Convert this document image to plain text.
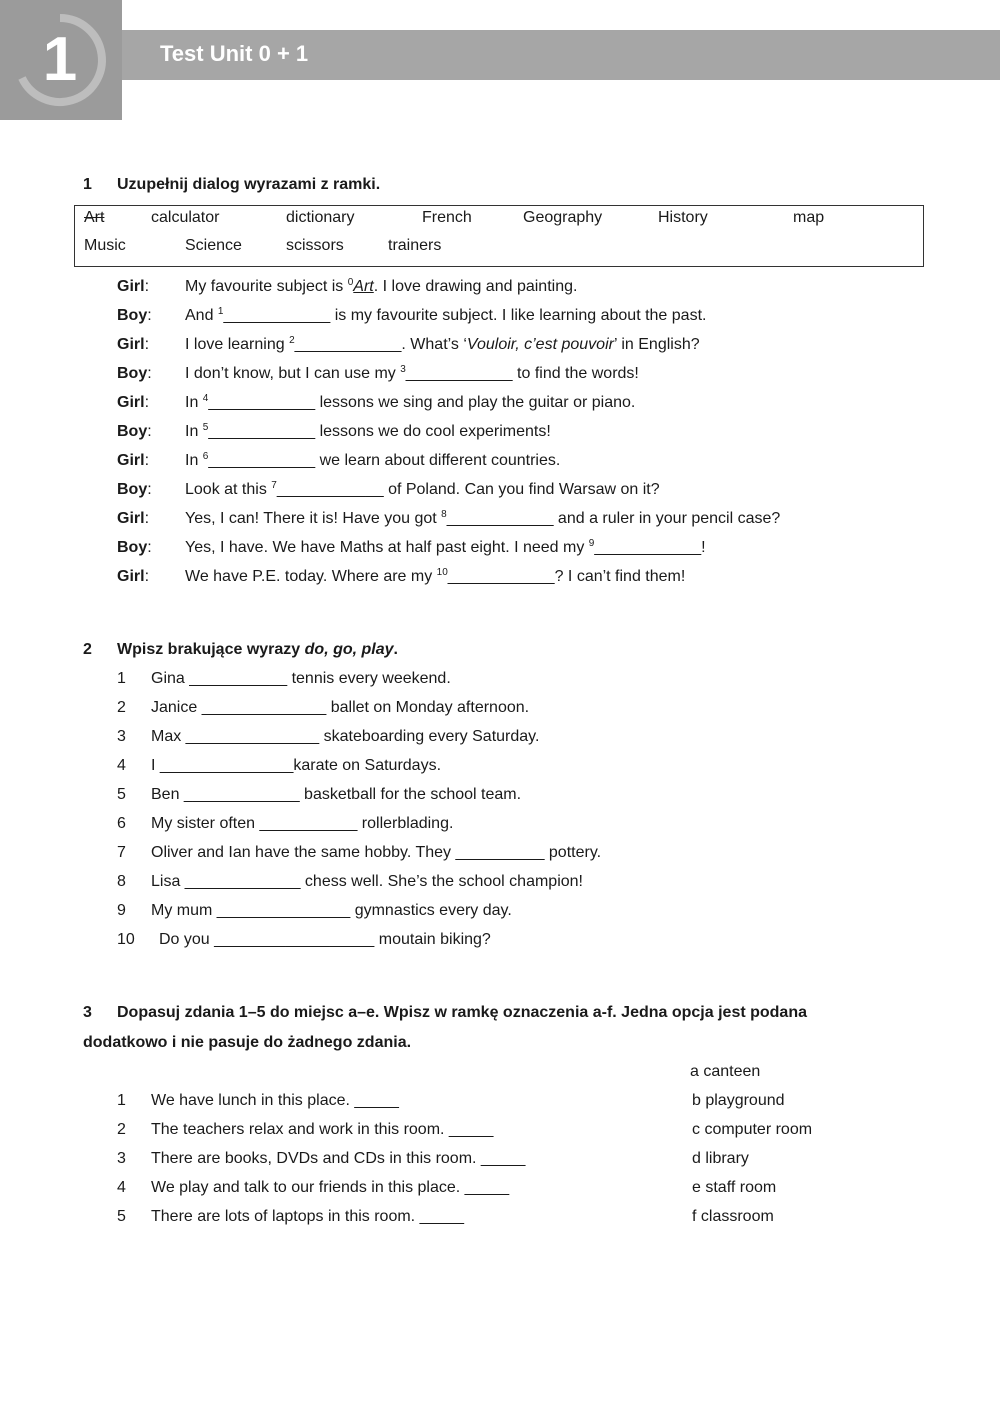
1	Test Unit 0 + 1
1 Uzupełnij dialog wyrazami z ramki.
Art	calculator	dictionary	French	Geography	History	map
Music	Science	scissors	trainers
Girl: My favourite subject is $^0$Art. I love drawing and painting.
Boy: And $^1$____________ is my favourite subject. I like learning about the past.
Girl: I love learning $^2$____________. What’s ‘Vouloir, c’est pouvoir’ in English?
Boy: I don’t know, but I can use my $^3$____________ to find the words!
Girl: In $^4$____________ lessons we sing and play the guitar or piano.
Boy: In $^5$____________ lessons we do cool experiments!
Girl: In $^6$____________ we learn about different countries.
Boy: Look at this $^7$____________ of Poland. Can you find Warsaw on it?
Girl: Yes, I can! There it is! Have you got $^8$____________ and a ruler in your pencil case?
Boy: Yes, I have. We have Maths at half past eight. I need my $^9$____________!
Girl: We have P.E. today. Where are my $^{10}$____________? I can’t find them!
2 Wpisz brakujące wyrazy do, go, play.
1 Gina ___________ tennis every weekend.
2 Janice ______________ ballet on Monday afternoon.
3 Max _______________ skateboarding every Saturday.
4 I _______________karate on Saturdays.
5 Ben _____________ basketball for the school team.
6 My sister often ___________ rollerblading.
7 Oliver and Ian have the same hobby. They __________ pottery.
8 Lisa _____________ chess well. She’s the school champion!
9 My mum _______________ gymnastics every day.
10 Do you __________________ moutain biking?
3 Dopasuj zdania 1–5 do miejsc a–e. Wpisz w ramkę oznaczenia a-f. Jedna opcja jest podana
dodatkowo i nie pasuje do żadnego zdania.
1 We have lunch in this place. _____
2 The teachers relax and work in this room. _____
3 There are books, DVDs and CDs in this room. _____
4 We play and talk to our friends in this place. _____
5 There are lots of laptops in this room. _____
a canteen
b playground
c computer room
d library
e staff room
f classroom
